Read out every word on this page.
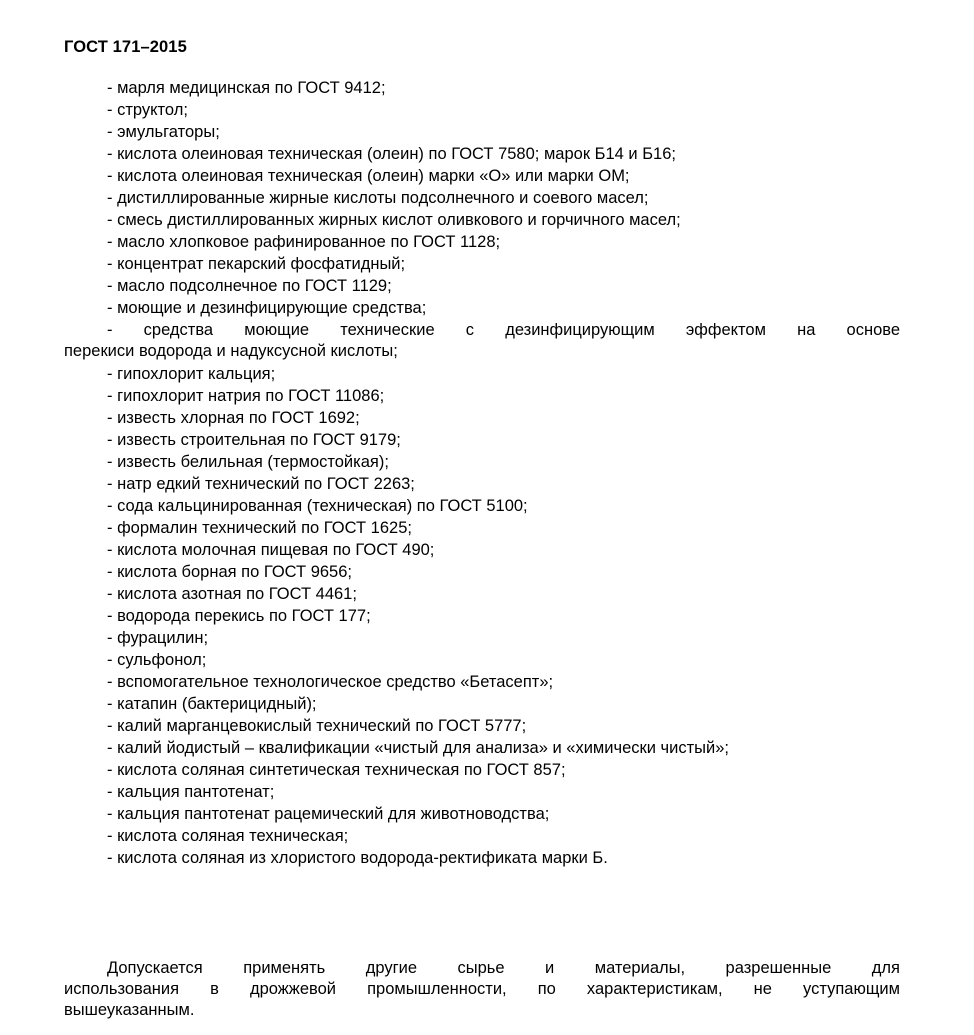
ГОСТ 171–2015
- марля медицинская по ГОСТ 9412;
- структол;
- эмульгаторы;
- кислота олеиновая техническая (олеин) по ГОСТ 7580; марок Б14 и Б16;
- кислота олеиновая техническая (олеин) марки «О» или марки ОМ;
- дистиллированные жирные кислоты подсолнечного и соевого масел;
- смесь дистиллированных жирных кислот оливкового и горчичного масел;
- масло хлопковое рафинированное по ГОСТ 1128;
- концентрат пекарский фосфатидный;
- масло подсолнечное по ГОСТ 1129;
- моющие и дезинфицирующие средства;
- средства моющие технические с дезинфицирующим эффектом на основе
перекиси водорода и надуксусной кислоты;
- гипохлорит кальция;
- гипохлорит натрия по ГОСТ 11086;
- известь хлорная по ГОСТ 1692;
- известь строительная по ГОСТ 9179;
- известь белильная (термостойкая);
- натр едкий технический по ГОСТ 2263;
- сода кальцинированная (техническая) по ГОСТ 5100;
- формалин технический по ГОСТ 1625;
- кислота молочная пищевая по ГОСТ 490;
- кислота борная по ГОСТ 9656;
- кислота азотная по ГОСТ 4461;
- водорода перекись по ГОСТ 177;
- фурацилин;
- сульфонол;
- вспомогательное технологическое средство «Бетасепт»;
- катапин (бактерицидный);
- калий марганцевокислый технический по ГОСТ 5777;
- калий йодистый – квалификации «чистый для анализа» и «химически чистый»;
- кислота соляная синтетическая техническая по ГОСТ 857;
- кальция пантотенат;
- кальция пантотенат рацемический для животноводства;
- кислота соляная техническая;
- кислота соляная из хлористого водорода-ректификата марки Б.
Допускается применять другие сырье и материалы, разрешенные для
использования в дрожжевой промышленности, по характеристикам, не уступающим
вышеуказанным.
